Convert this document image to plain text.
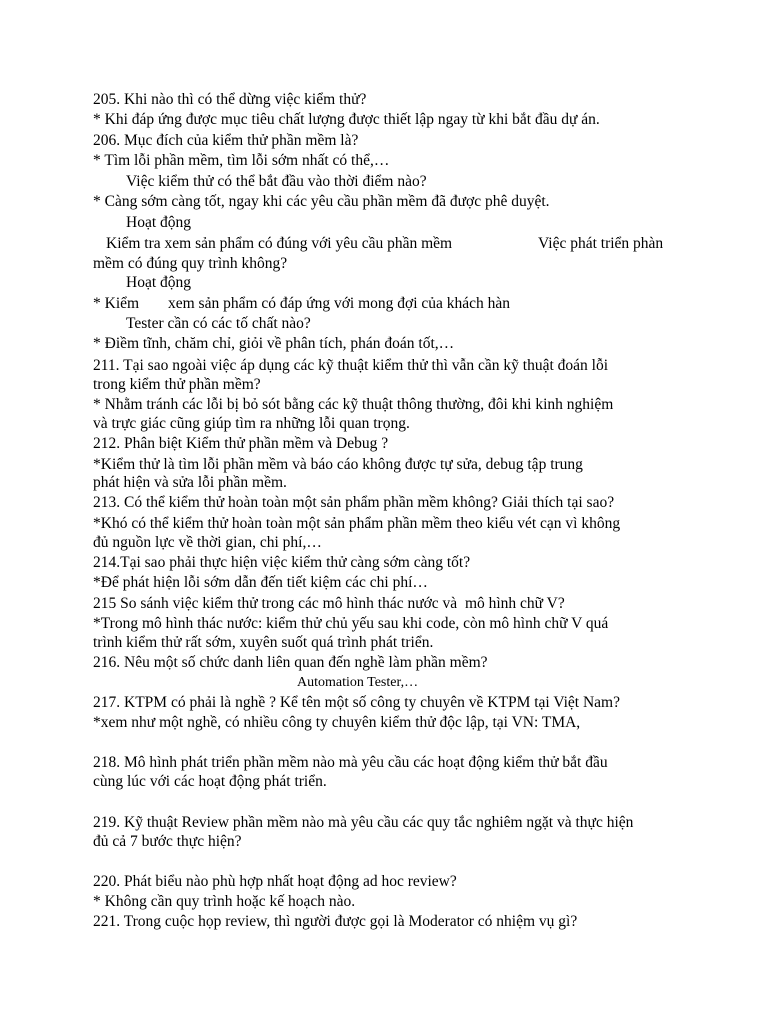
205. Khi nào thì có thể dừng việc kiểm thử?
* Khi đáp ứng được mục tiêu chất lượng được thiết lập ngay từ khi bắt đầu dự án.
206. Mục đích của kiểm thử phần mềm là?
* Tìm lỗi phần mềm, tìm lỗi sớm nhất có thể,…
Việc kiểm thử có thể bắt đầu vào thời điểm nào?
* Càng sớm càng tốt, ngay khi các yêu cầu phần mềm đã được phê duyệt.
Hoạt động
Kiểm tra xem sản phẩm có đúng với yêu cầu phần mềm	Việc phát triển phàn
mềm có đúng quy trình không?
Hoạt động
* Kiểm xem sản phẩm có đáp ứng với mong đợi của khách hàn
Tester cần có các tố chất nào?
* Điềm tĩnh, chăm chỉ, giỏi về phân tích, phán đoán tốt,…
211. Tại sao ngoài việc áp dụng các kỹ thuật kiểm thử thì vẫn cần kỹ thuật đoán lỗi
trong kiểm thử phần mềm?
* Nhằm tránh các lỗi bị bỏ sót bằng các kỹ thuật thông thường, đôi khi kinh nghiệm
và trực giác cũng giúp tìm ra những lỗi quan trọng.
212. Phân biệt Kiểm thử phần mềm và Debug ?
*Kiểm thử là tìm lỗi phần mềm và báo cáo không được tự sửa, debug tập trung
phát hiện và sửa lỗi phần mềm.
213. Có thể kiểm thử hoàn toàn một sản phẩm phần mềm không? Giải thích tại sao?
*Khó có thể kiểm thử hoàn toàn một sản phẩm phần mềm theo kiểu vét cạn vì không
đủ nguồn lực về thời gian, chi phí,…
214.Tại sao phải thực hiện việc kiểm thử càng sớm càng tốt?
*Để phát hiện lỗi sớm dẫn đến tiết kiệm các chi phí…
215 So sánh việc kiểm thử trong các mô hình thác nước và  mô hình chữ V?
*Trong mô hình thác nước: kiểm thử chủ yếu sau khi code, còn mô hình chữ V quá
trình kiểm thử rất sớm, xuyên suốt quá trình phát triển.
216. Nêu một số chức danh liên quan đến nghề làm phần mềm?
Automation Tester,…
217. KTPM có phải là nghề ? Kể tên một số công ty chuyên về KTPM tại Việt Nam?
*xem như một nghề, có nhiều công ty chuyên kiểm thử độc lập, tại VN: TMA,
218. Mô hình phát triển phần mềm nào mà yêu cầu các hoạt động kiểm thử bắt đầu
cùng lúc với các hoạt động phát triển.
219. Kỹ thuật Review phần mềm nào mà yêu cầu các quy tắc nghiêm ngặt và thực hiện
đủ cả 7 bước thực hiện?
220. Phát biểu nào phù hợp nhất hoạt động ad hoc review?
* Không cần quy trình hoặc kế hoạch nào.
221. Trong cuộc họp review, thì người được gọi là Moderator có nhiệm vụ gì?
